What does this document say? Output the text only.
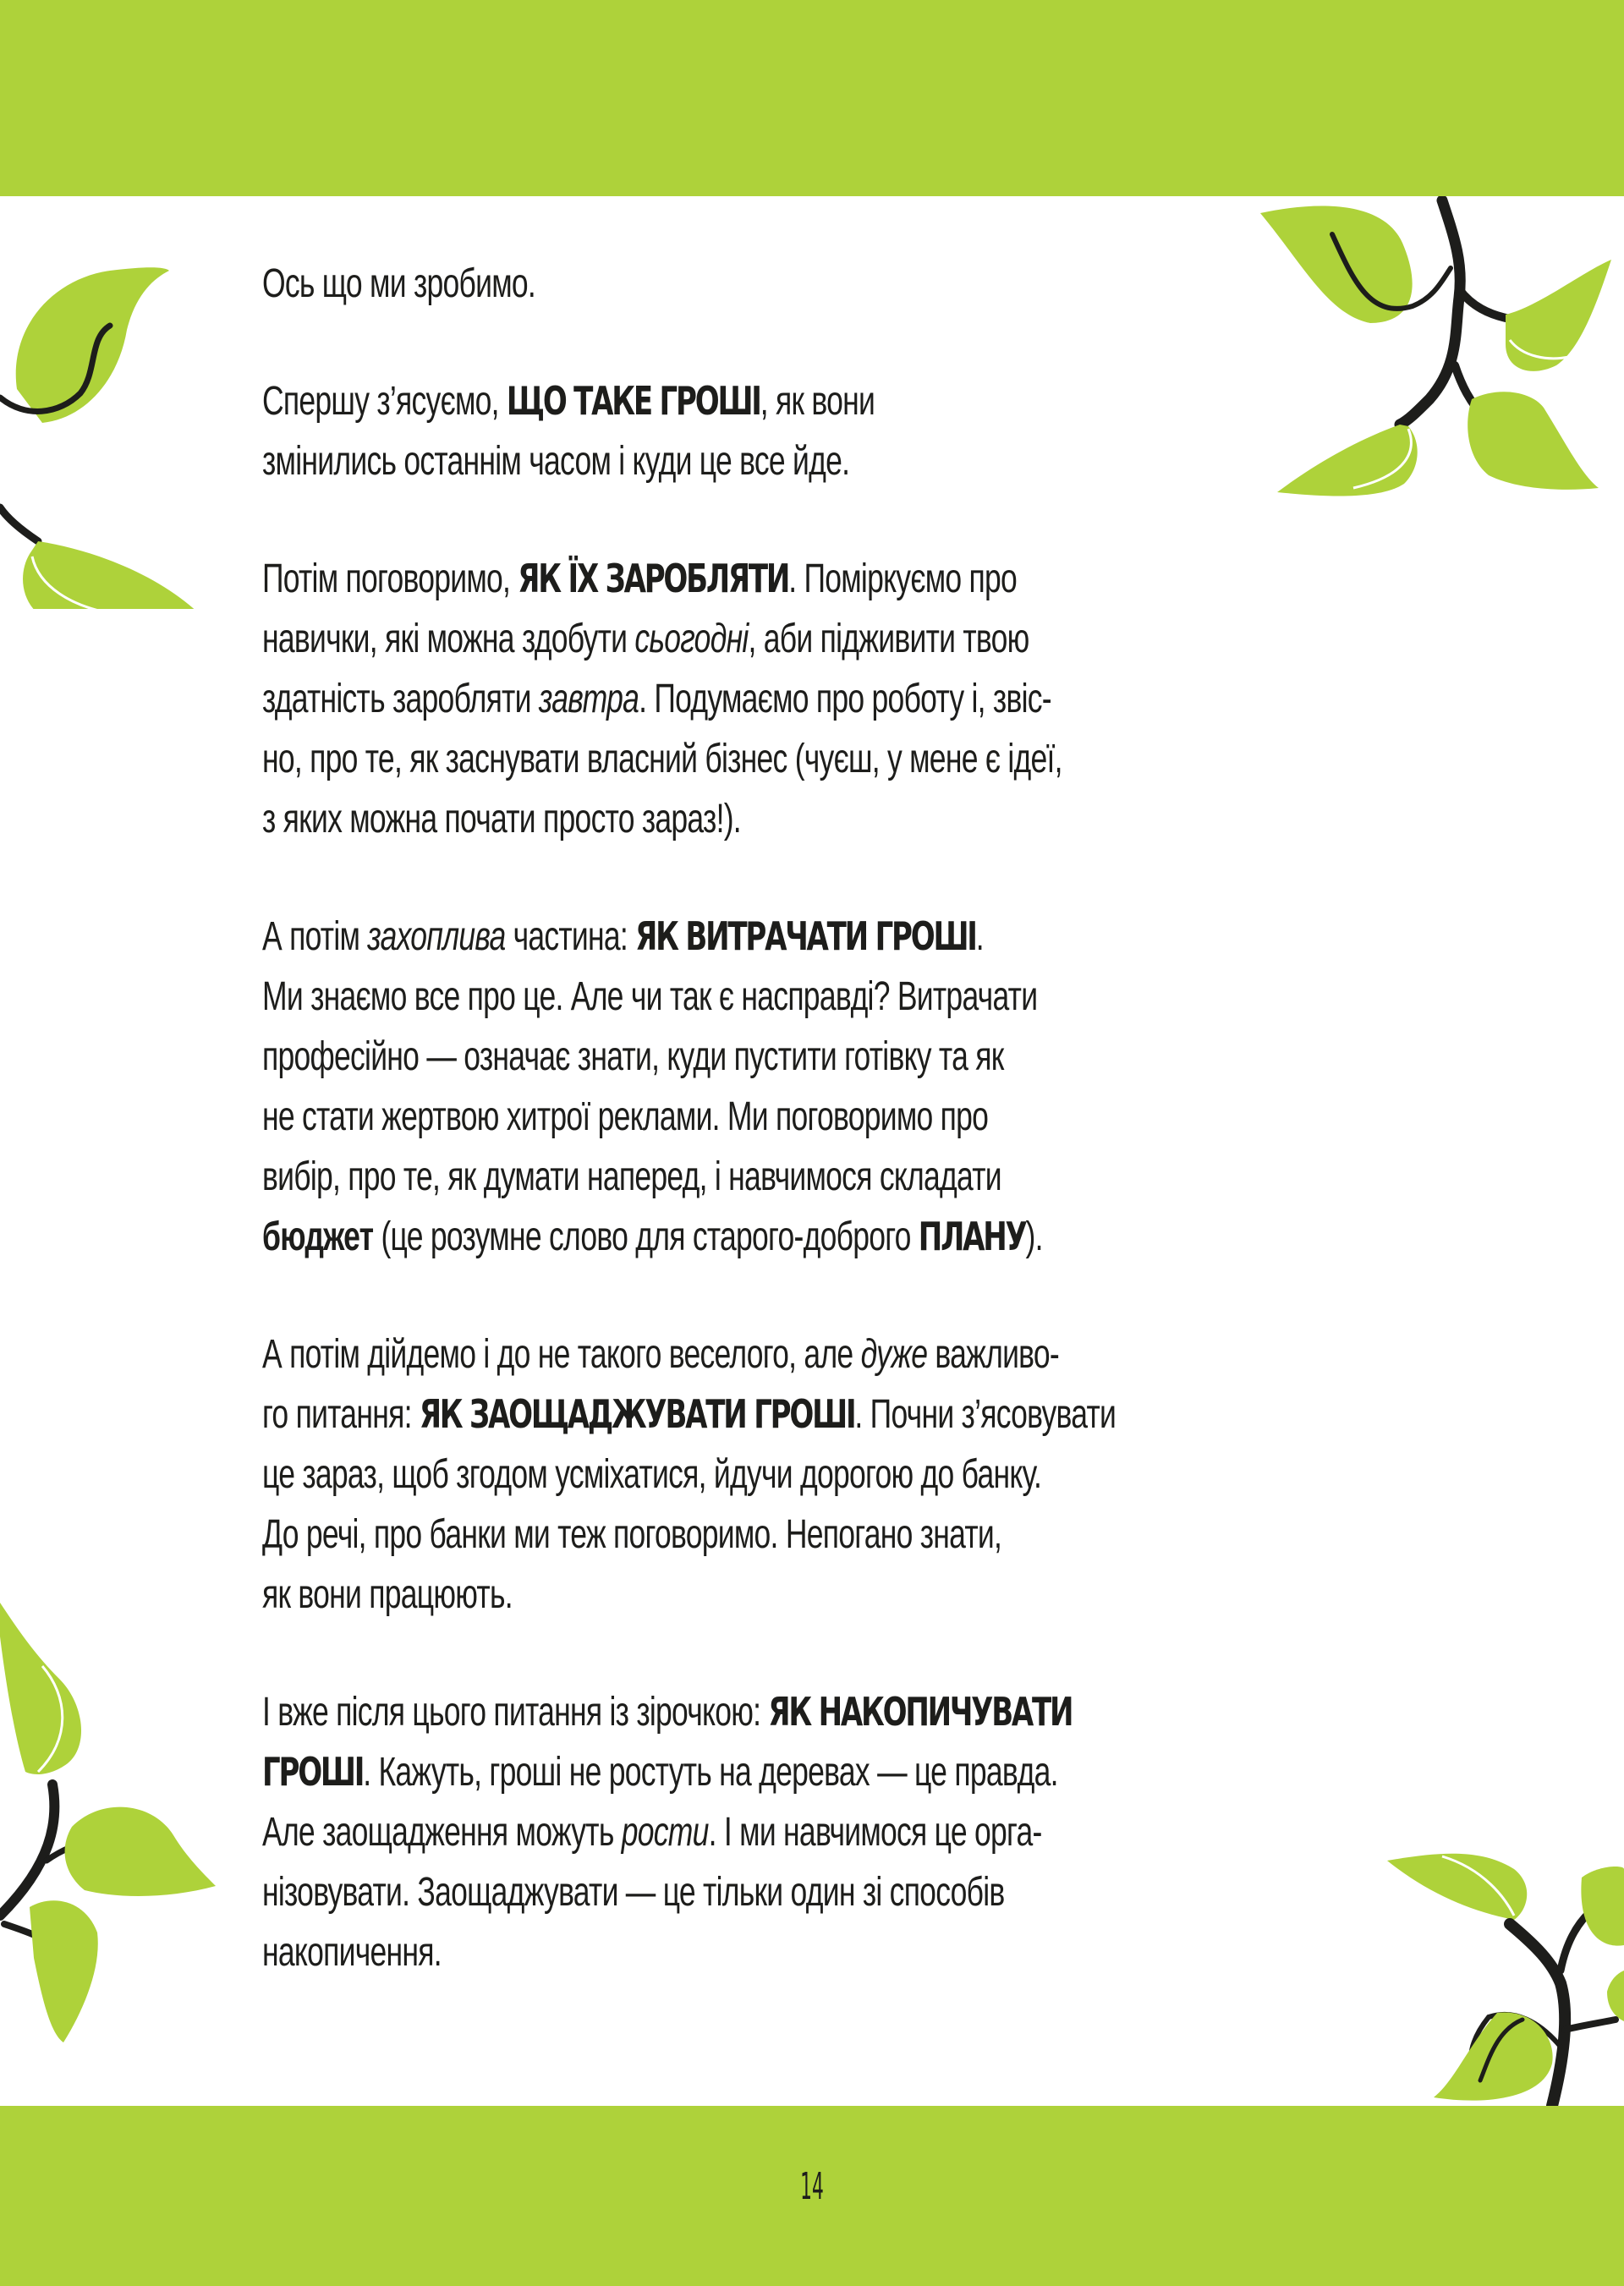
Ось що ми зробимо.
Спершу з’ясуємо, ЩО ТАКЕ ГРОШІ, як вони
змінились останнім часом і куди це все йде.
Потім поговоримо, ЯК ЇХ ЗАРОБЛЯТИ. Поміркуємо про
навички, які можна здобути сьогодні, аби підживити твою
здатність заробляти завтра. Подумаємо про роботу і, звіс-
но, про те, як заснувати власний бізнес (чуєш, у мене є ідеї,
з яких можна почати просто зараз!).
А потім захоплива частина: ЯК ВИТРАЧАТИ ГРОШІ.
Ми знаємо все про це. Але чи так є насправді? Витрачати
професійно — означає знати, куди пустити готівку та як
не стати жертвою хитрої реклами. Ми поговоримо про
вибір, про те, як думати наперед, і навчимося складати
бюджет (це розумне слово для старого-доброго ПЛАНУ).
А потім дійдемо і до не такого веселого, але дуже важливо-
го питання: ЯК ЗАОЩАДЖУВАТИ ГРОШІ. Почни з’ясовувати
це зараз, щоб згодом усміхатися, йдучи дорогою до банку.
До речі, про банки ми теж поговоримо. Непогано знати,
як вони працюють.
І вже після цього питання із зірочкою: ЯК НАКОПИЧУВАТИ
ГРОШІ. Кажуть, гроші не ростуть на деревах — це правда.
Але заощадження можуть рости. І ми навчимося це орга-
нізовувати. Заощаджувати — це тільки один зі способів
накопичення.
14
